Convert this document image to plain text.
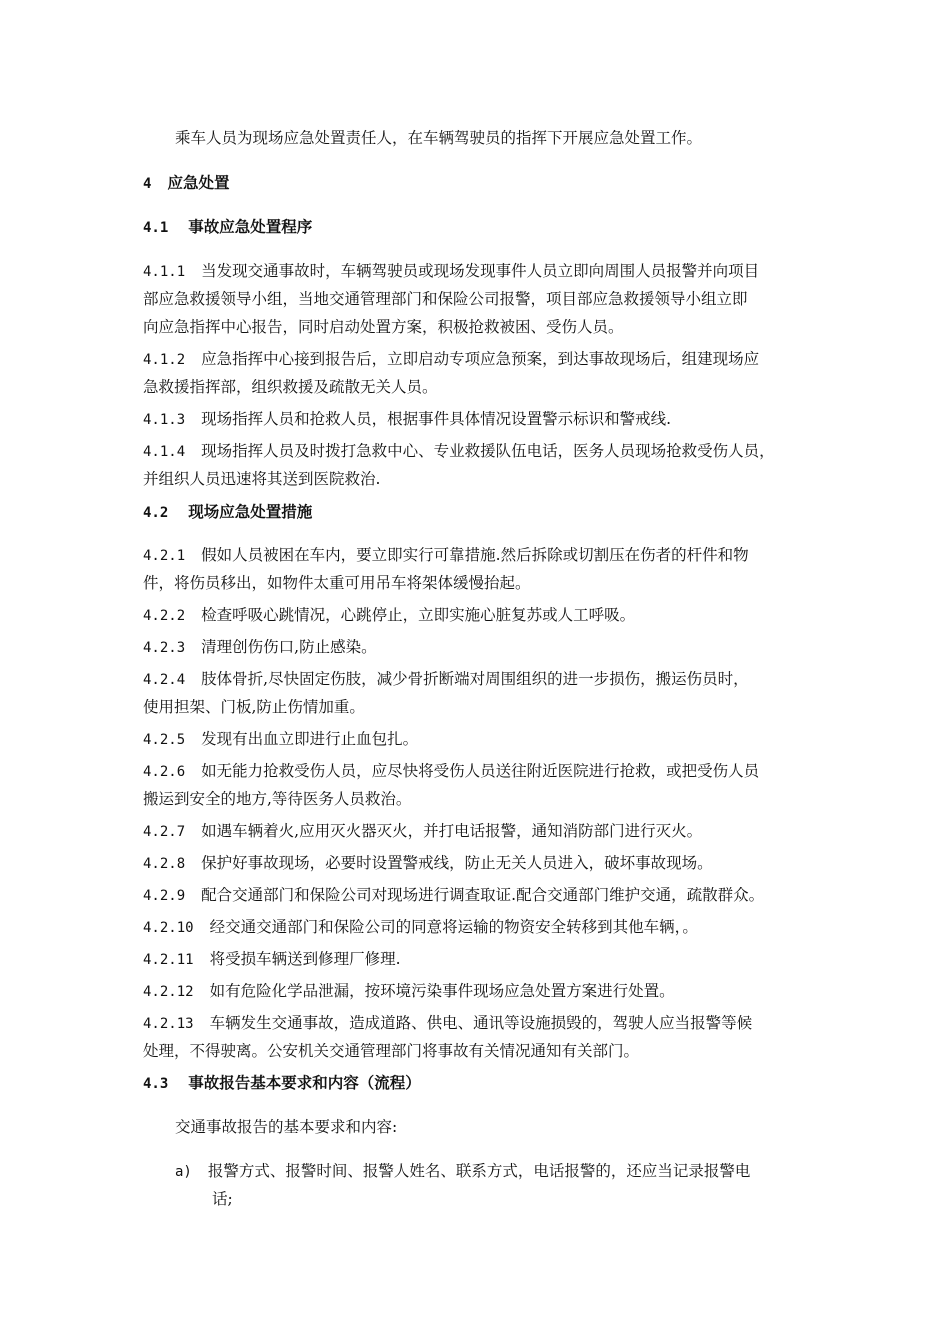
乘车人员为现场应急处置责任人，在车辆驾驶员的指挥下开展应急处置工作。
4 应急处置
4.1 事故应急处置程序
4.1.1 当发现交通事故时，车辆驾驶员或现场发现事件人员立即向周围人员报警并向项目
部应急救援领导小组，当地交通管理部门和保险公司报警，项目部应急救援领导小组立即
向应急指挥中心报告，同时启动处置方案，积极抢救被困、受伤人员。
4.1.2 应急指挥中心接到报告后，立即启动专项应急预案，到达事故现场后，组建现场应
急救援指挥部，组织救援及疏散无关人员。
4.1.3 现场指挥人员和抢救人员，根据事件具体情况设置警示标识和警戒线.
4.1.4 现场指挥人员及时拨打急救中心、专业救援队伍电话，医务人员现场抢救受伤人员，
并组织人员迅速将其送到医院救治.
4.2 现场应急处置措施
4.2.1 假如人员被困在车内，要立即实行可靠措施.然后拆除或切割压在伤者的杆件和物
件，将伤员移出，如物件太重可用吊车将架体缓慢抬起。
4.2.2 检查呼吸心跳情况，心跳停止，立即实施心脏复苏或人工呼吸。
4.2.3 清理创伤伤口,防止感染。
4.2.4 肢体骨折,尽快固定伤肢，减少骨折断端对周围组织的进一步损伤，搬运伤员时，
使用担架、门板,防止伤情加重。
4.2.5 发现有出血立即进行止血包扎。
4.2.6 如无能力抢救受伤人员，应尽快将受伤人员送往附近医院进行抢救，或把受伤人员
搬运到安全的地方,等待医务人员救治。
4.2.7 如遇车辆着火,应用灭火器灭火，并打电话报警，通知消防部门进行灭火。
4.2.8 保护好事故现场，必要时设置警戒线，防止无关人员进入，破坏事故现场。
4.2.9 配合交通部门和保险公司对现场进行调查取证.配合交通部门维护交通，疏散群众。
4.2.10 经交通交通部门和保险公司的同意将运输的物资安全转移到其他车辆，。
4.2.11 将受损车辆送到修理厂修理.
4.2.12 如有危险化学品泄漏，按环境污染事件现场应急处置方案进行处置。
4.2.13 车辆发生交通事故，造成道路、供电、通讯等设施损毁的，驾驶人应当报警等候
处理，不得驶离。公安机关交通管理部门将事故有关情况通知有关部门。
4.3 事故报告基本要求和内容（流程）
交通事故报告的基本要求和内容:
a) 报警方式、报警时间、报警人姓名、联系方式，电话报警的，还应当记录报警电
话;
